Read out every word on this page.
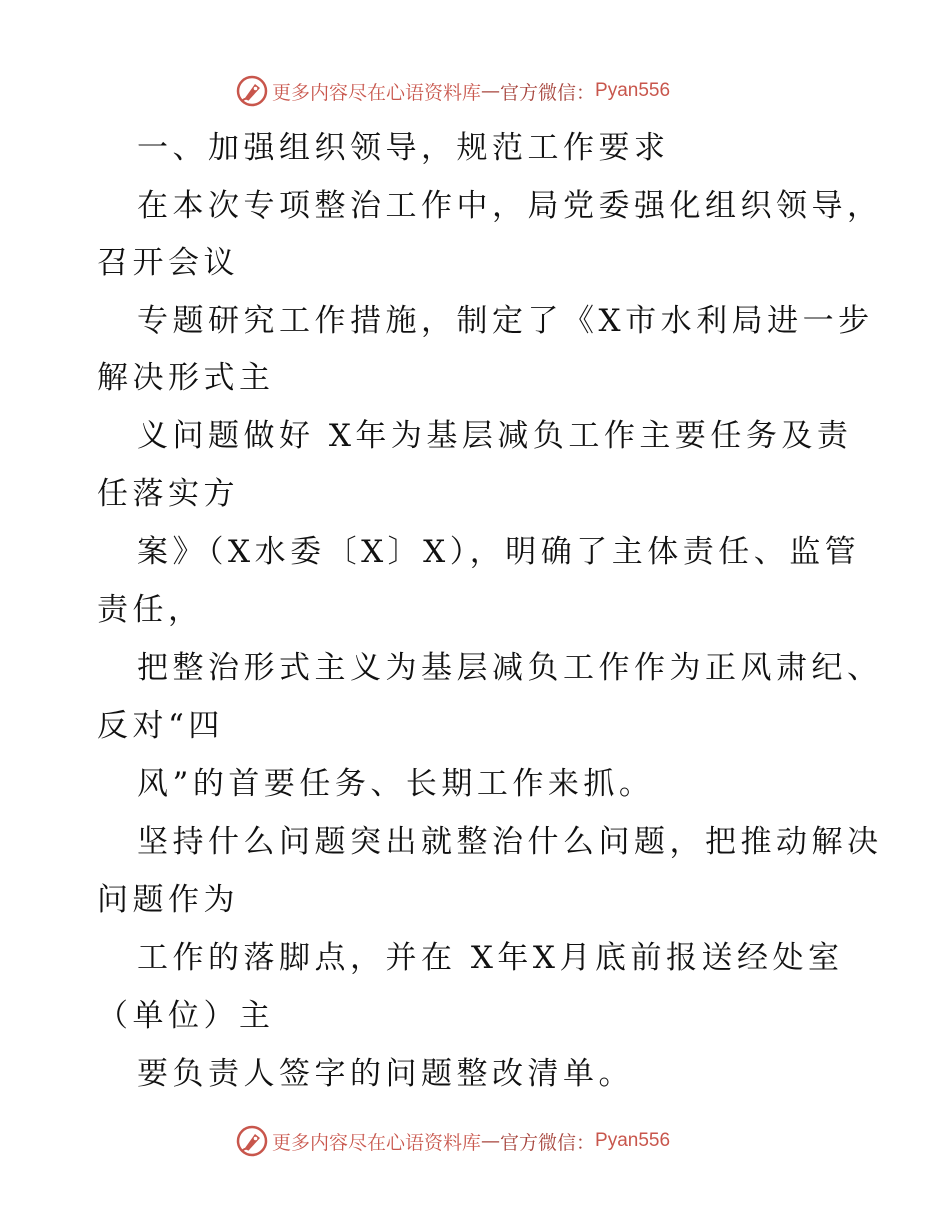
更多内容尽在心语资料库 — 官方微信： Pyan556
一、加强组织领导，规范工作要求
在本次专项整治工作中，局党委强化组织领导，
召开会议
专题研究工作措施，制定了《X市水利局进一步
解决形式主
义问题做好 X年为基层减负工作主要任务及责
任落实方
案》（X水委〔X〕X），明确了主体责任、监管
责任，
把整治形式主义为基层减负工作作为正风肃纪、
反对“四
风”的首要任务、长期工作来抓。
坚持什么问题突出就整治什么问题，把推动解决
问题作为
工作的落脚点，并在 X年X月底前报送经处室
（单位）主
要负责人签字的问题整改清单。
更多内容尽在心语资料库 — 官方微信： Pyan556
